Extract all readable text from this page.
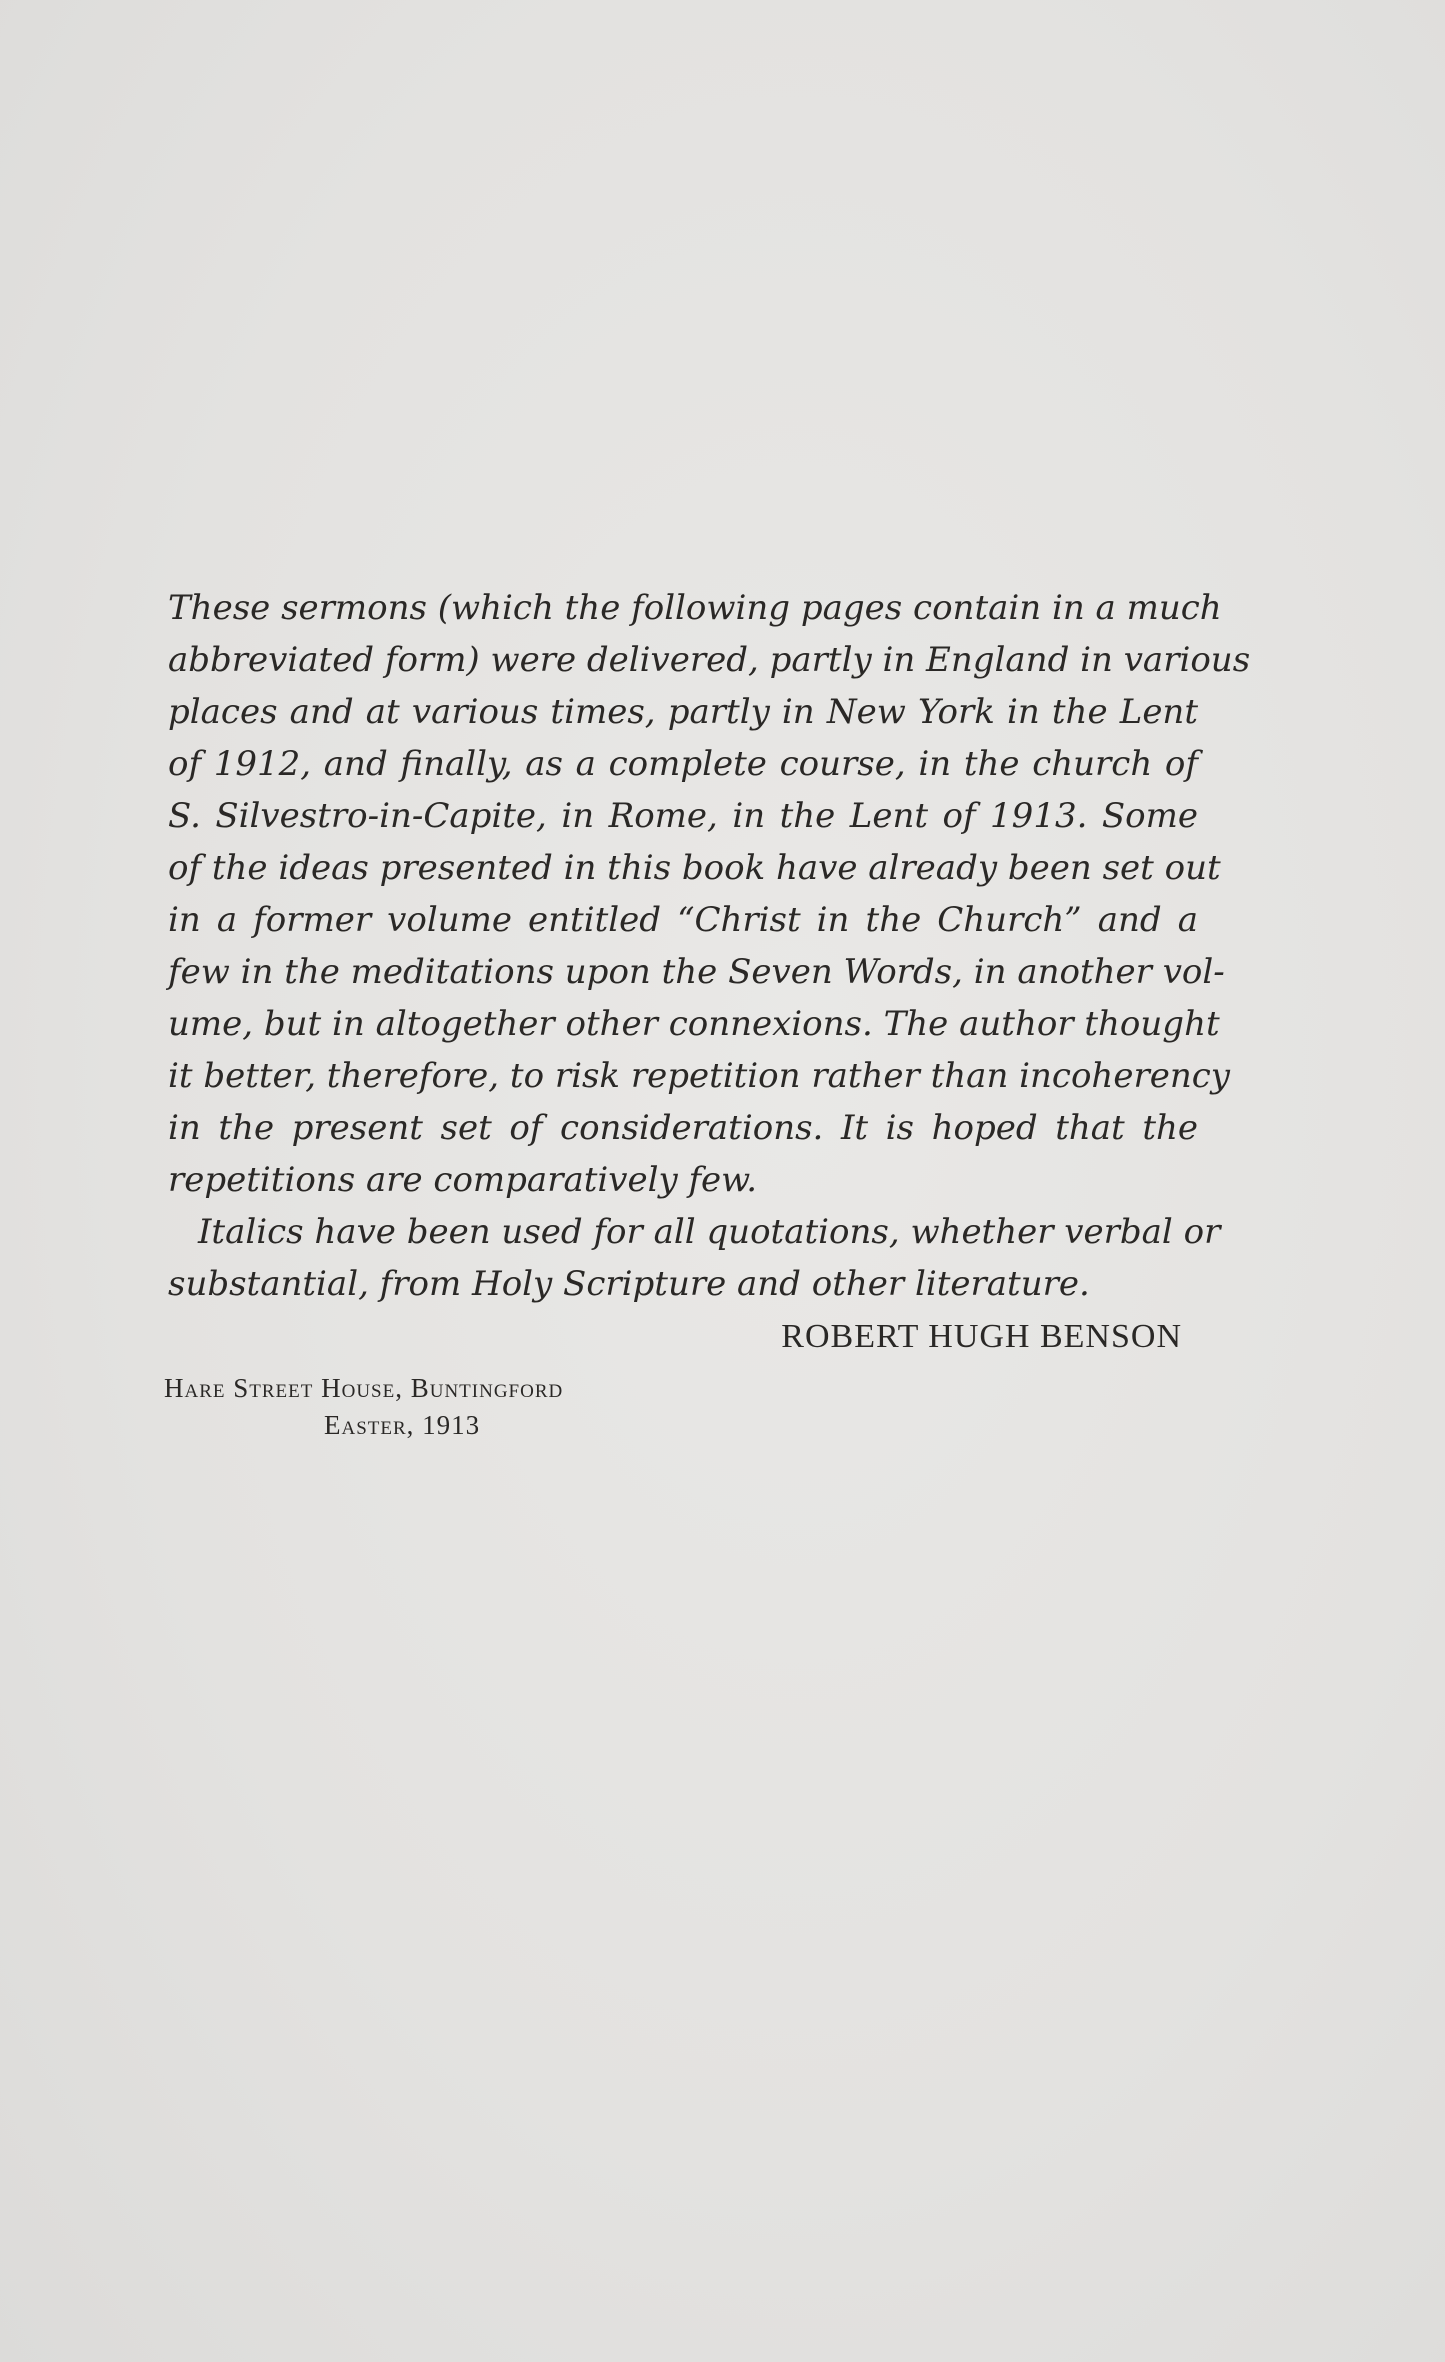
These sermons (which the following pages contain in a much
abbreviated form) were delivered, partly in England in various
places and at various times, partly in New York in the Lent
of 1912, and finally, as a complete course, in the church of
S. Silvestro-in-Capite, in Rome, in the Lent of 1913. Some
of the ideas presented in this book have already been set out
in a former volume entitled “Christ in the Church” and a
few in the meditations upon the Seven Words, in another vol-
ume, but in altogether other connexions. The author thought
it better, therefore, to risk repetition rather than incoherency
in the present set of considerations. It is hoped that the
repetitions are comparatively few.
Italics have been used for all quotations, whether verbal or
substantial, from Holy Scripture and other literature.
ROBERT HUGH BENSON
Hare Street House, Buntingford
Easter, 1913
